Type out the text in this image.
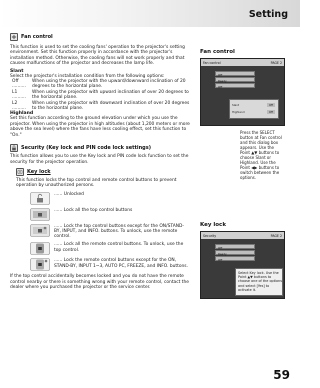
Setting
Fan control

This function is used to set the cooling fans' operation to the projector's setting environment. Set this function properly in accordance with the projector's installation method. Otherwise, the cooling fans will not work properly and that causes malfunctions of the projector and decreases the lamp life.

Slant

Select the projector's installation condition from the following options:

Off ..........
When using the projector with the upward/downward inclination of 20 degrees to the horizontal plane.
L1 ..........
When using the projector with upward inclination of over 20 degrees to the horizontal plane.
L2 ..........
When using the projector with downward inclination of over 20 degrees to the horizontal plane.
Highland

Set this function according to the ground elevation under which you use the projector. When using the projector in high altitudes (about 1,200 meters or more above the sea level) where the fans have less cooling effect, set this function to "On."

Security (Key lock and PIN code lock settings)

This function allows you to use the Key lock and PIN code lock function to set the security for the projector operation.

Key lock

This function locks the top control and remote control buttons to prevent operation by unauthorized persons.

...... Unlocked
...... Lock all the top control buttons
...... Lock the top control buttons except for the ON/STAND-BY, INPUT, and INFO. buttons. To unlock, use the remote control.
...... Lock all the remote control buttons. To unlock, use the top control.
...... Lock the remote control buttons except for the ON, STAND-BY, INPUT 1~3, AUTO PC, FREEZE, and INFO. buttons.

If the top control accidentally becomes locked and you do not have the remote control nearby or there is something wrong with your remote control, contact the dealer where you purchased the projector or the service center.

Fan control
Fan control	PAGE 2
Off
Ready
Off
Slant
Highland
Off
Off
Press the SELECT button at Fan control and this dialog box appears. Use the Point ▲▼ buttons to choose Slant or Highland. Use the Point ◀▶ buttons to switch between the options.
Key lock
Security	PAGE 2
Off
Ready
Off
Select Key lock. Use the Point ▲▼ buttons to choose one of the options and select [Yes] to activate it.
59
